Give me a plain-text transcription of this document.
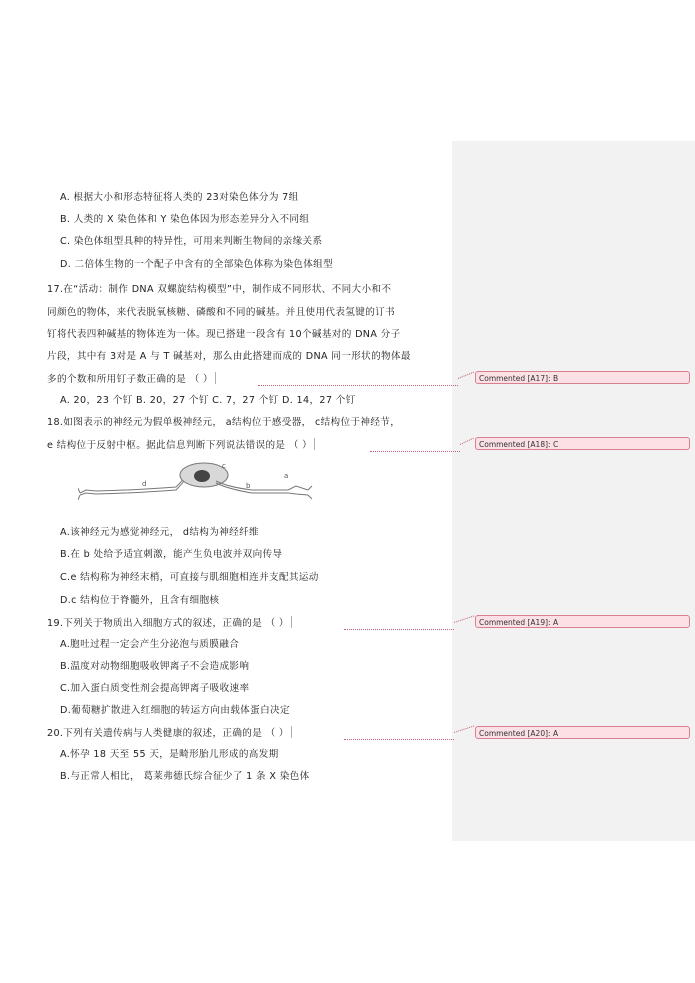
A. 根据大小和形态特征将人类的 23对染色体分为 7组
B. 人类的 X 染色体和 Y 染色体因为形态差异分入不同组
C. 染色体组型具种的特异性，可用来判断生物间的亲缘关系
D. 二倍体生物的一个配子中含有的全部染色体称为染色体组型
17.在“活动：制作 DNA 双螺旋结构模型”中，制作成不同形状、不同大小和不
同颜色的物体，来代表脱氧核糖、磷酸和不同的碱基。并且使用代表氢键的订书
钉将代表四种碱基的物体连为一体。现已搭建一段含有 10个碱基对的 DNA 分子
片段，其中有 3对是 A 与 T 碱基对，那么由此搭建而成的 DNA 同一形状的物体最
多的个数和所用钉子数正确的是 （ ）
A. 20，23 个钉 B. 20，27 个钉 C. 7，27 个钉 D. 14，27 个钉
18.如图表示的神经元为假单极神经元， a结构位于感受器， c结构位于神经节，
e 结构位于反射中枢。据此信息判断下列说法错误的是 （ ）
d
c
b
a
A.该神经元为感觉神经元， d结构为神经纤维
B.在 b 处给予适宜刺激，能产生负电波并双向传导
C.e 结构称为神经末梢，可直接与肌细胞相连并支配其运动
D.c 结构位于脊髓外，且含有细胞核
19.下列关于物质出入细胞方式的叙述，正确的是 （ ）
A.胞吐过程一定会产生分泌泡与质膜融合
B.温度对动物细胞吸收钾离子不会造成影响
C.加入蛋白质变性剂会提高钾离子吸收速率
D.葡萄糖扩散进入红细胞的转运方向由载体蛋白决定
20.下列有关遗传病与人类健康的叙述，正确的是 （ ）
A.怀孕 18 天至 55 天，是畸形胎儿形成的高发期
B.与正常人相比， 葛莱弗德氏综合征少了 1 条 X 染色体
Commented [A17]: B
Commented [A18]: C
Commented [A19]: A
Commented [A20]: A
